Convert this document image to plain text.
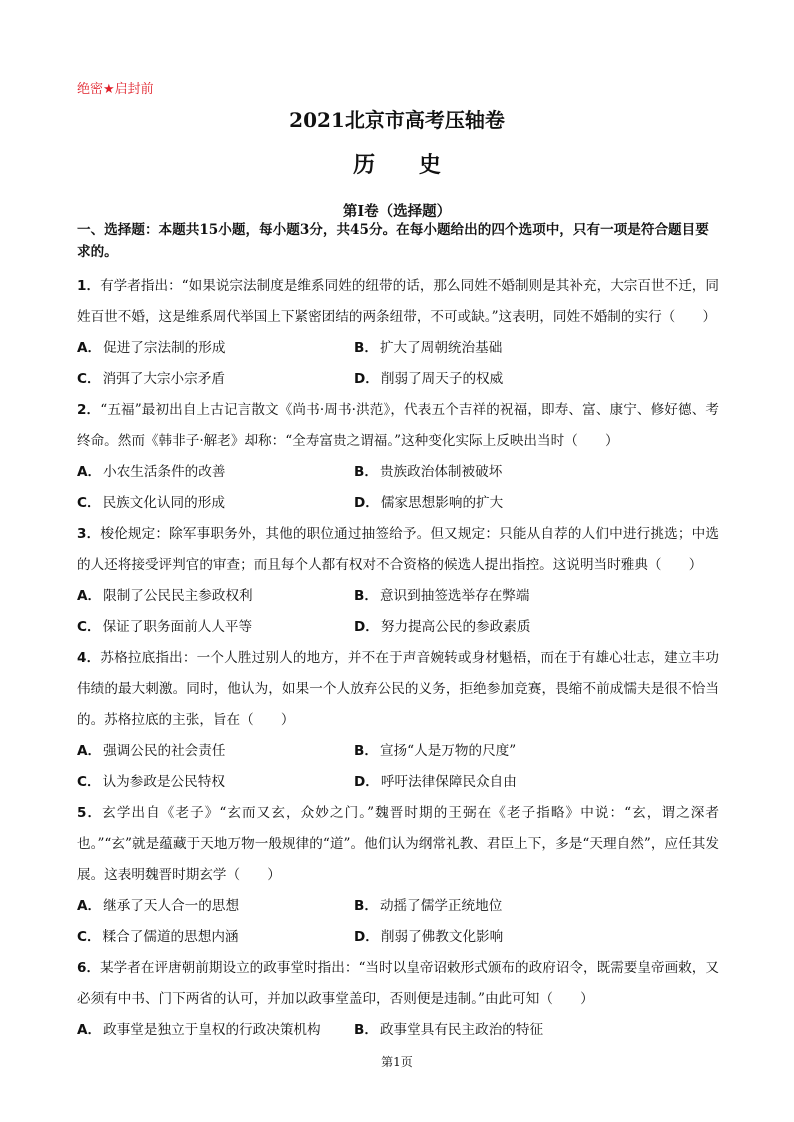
绝密★启封前
2021北京市高考压轴卷
历 史
第Ⅰ卷（选择题）
一、选择题：本题共15小题，每小题3分，共45分。在每小题给出的四个选项中，只有一项是符合题目要求的。

1．有学者指出：“如果说宗法制度是维系同姓的纽带的话，那么同姓不婚制则是其补充，大宗百世不迁，同姓百世不婚，这是维系周代举国上下紧密团结的两条纽带，不可或缺。”这表明，同姓不婚制的实行（　　）

A． 促进了宗法制的形成	B． 扩大了周朝统治基础
C． 消弭了大宗小宗矛盾	D． 削弱了周天子的权威

2．“五福”最初出自上古记言散文《尚书·周书·洪范》，代表五个吉祥的祝福，即寿、富、康宁、修好德、考终命。然而《韩非子·解老》却称：“全寿富贵之谓福。”这种变化实际上反映出当时（　　）

A． 小农生活条件的改善	B． 贵族政治体制被破坏
C． 民族文化认同的形成	D． 儒家思想影响的扩大

3．梭伦规定：除军事职务外，其他的职位通过抽签给予。但又规定：只能从自荐的人们中进行挑选；中选的人还将接受评判官的审查；而且每个人都有权对不合资格的候选人提出指控。这说明当时雅典（　　）

A． 限制了公民民主参政权利	B． 意识到抽签选举存在弊端
C． 保证了职务面前人人平等	D． 努力提高公民的参政素质

4．苏格拉底指出：一个人胜过别人的地方，并不在于声音婉转或身材魁梧，而在于有雄心壮志，建立丰功伟绩的最大刺激。同时，他认为，如果一个人放弃公民的义务，拒绝参加竞赛，畏缩不前成懦夫是很不恰当的。苏格拉底的主张，旨在（　　）

A． 强调公民的社会责任	B． 宣扬“人是万物的尺度”
C． 认为参政是公民特权	D． 呼吁法律保障民众自由

5．玄学出自《老子》“玄而又玄，众妙之门。”魏晋时期的王弼在《老子指略》中说：“玄，谓之深者也。”“玄”就是蕴藏于天地万物一般规律的“道”。他们认为纲常礼教、君臣上下，多是“天理自然”，应任其发展。这表明魏晋时期玄学（　　）

A． 继承了天人合一的思想	B． 动摇了儒学正统地位
C． 糅合了儒道的思想内涵	D． 削弱了佛教文化影响

6．某学者在评唐朝前期设立的政事堂时指出：“当时以皇帝诏敕形式颁布的政府诏令，既需要皇帝画敕，又必须有中书、门下两省的认可，并加以政事堂盖印，否则便是违制。”由此可知（　　）

A． 政事堂是独立于皇权的行政决策机构	B． 政事堂具有民主政治的特征
第1页
